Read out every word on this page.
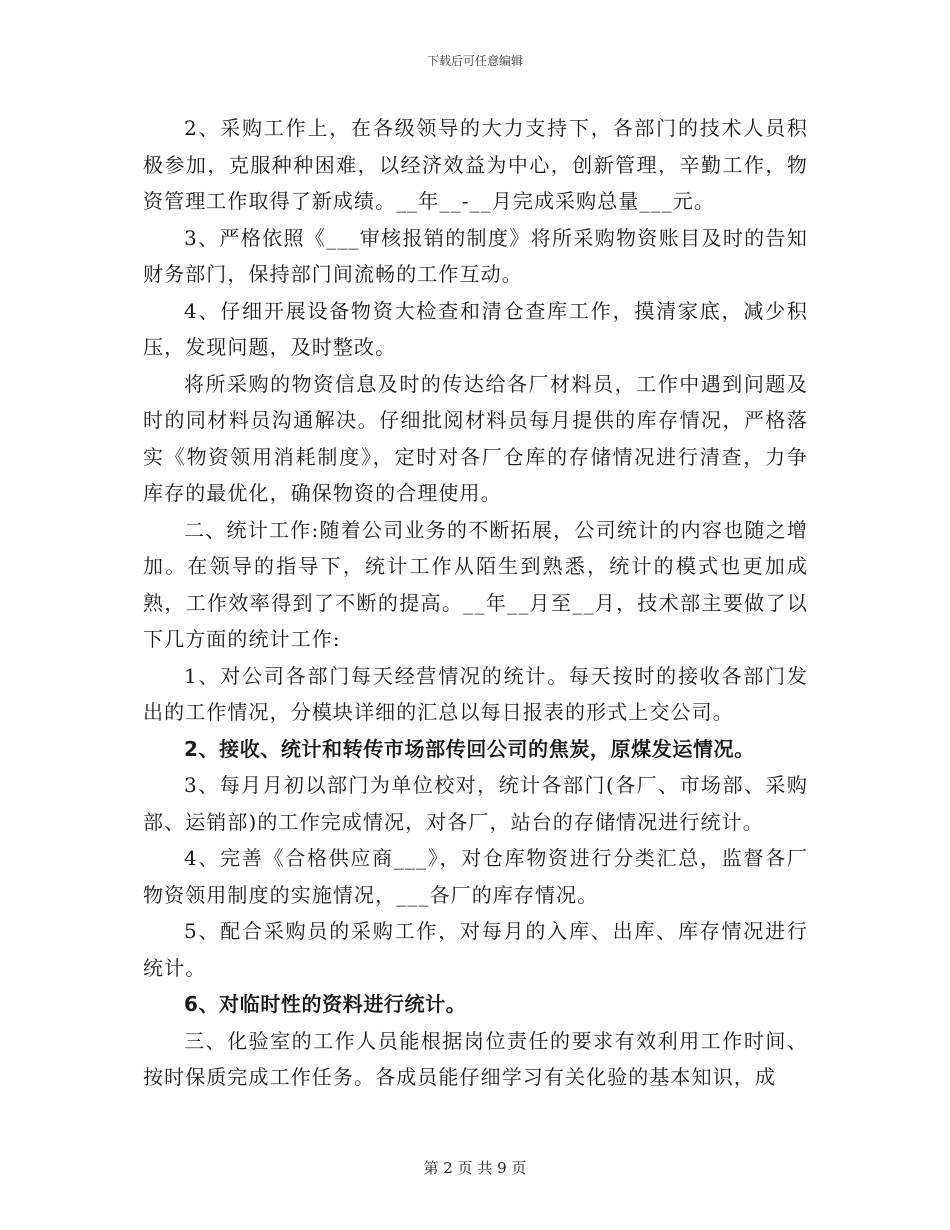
下载后可任意编辑

2、采购工作上，在各级领导的大力支持下，各部门的技术人员积极参加，克服种种困难，以经济效益为中心，创新管理，辛勤工作，物资管理工作取得了新成绩。__年__-__月完成采购总量___元。

3、严格依照《___审核报销的制度》将所采购物资账目及时的告知财务部门，保持部门间流畅的工作互动。

4、仔细开展设备物资大检查和清仓查库工作，摸清家底，减少积压，发现问题，及时整改。

将所采购的物资信息及时的传达给各厂材料员，工作中遇到问题及时的同材料员沟通解决。仔细批阅材料员每月提供的库存情况，严格落实《物资领用消耗制度》，定时对各厂仓库的存储情况进行清查，力争库存的最优化，确保物资的合理使用。

二、统计工作:随着公司业务的不断拓展，公司统计的内容也随之增加。在领导的指导下，统计工作从陌生到熟悉，统计的模式也更加成熟，工作效率得到了不断的提高。__年__月至__月，技术部主要做了以下几方面的统计工作:

1、对公司各部门每天经营情况的统计。每天按时的接收各部门发出的工作情况，分模块详细的汇总以每日报表的形式上交公司。

2、接收、统计和转传市场部传回公司的焦炭，原煤发运情况。

3、每月月初以部门为单位校对，统计各部门(各厂、市场部、采购部、运销部)的工作完成情况，对各厂，站台的存储情况进行统计。

4、完善《合格供应商___》，对仓库物资进行分类汇总，监督各厂物资领用制度的实施情况，___各厂的库存情况。

5、配合采购员的采购工作，对每月的入库、出库、库存情况进行统计。

6、对临时性的资料进行统计。

三、化验室的工作人员能根据岗位责任的要求有效利用工作时间、按时保质完成工作任务。各成员能仔细学习有关化验的基本知识，成

第 2 页 共 9 页
